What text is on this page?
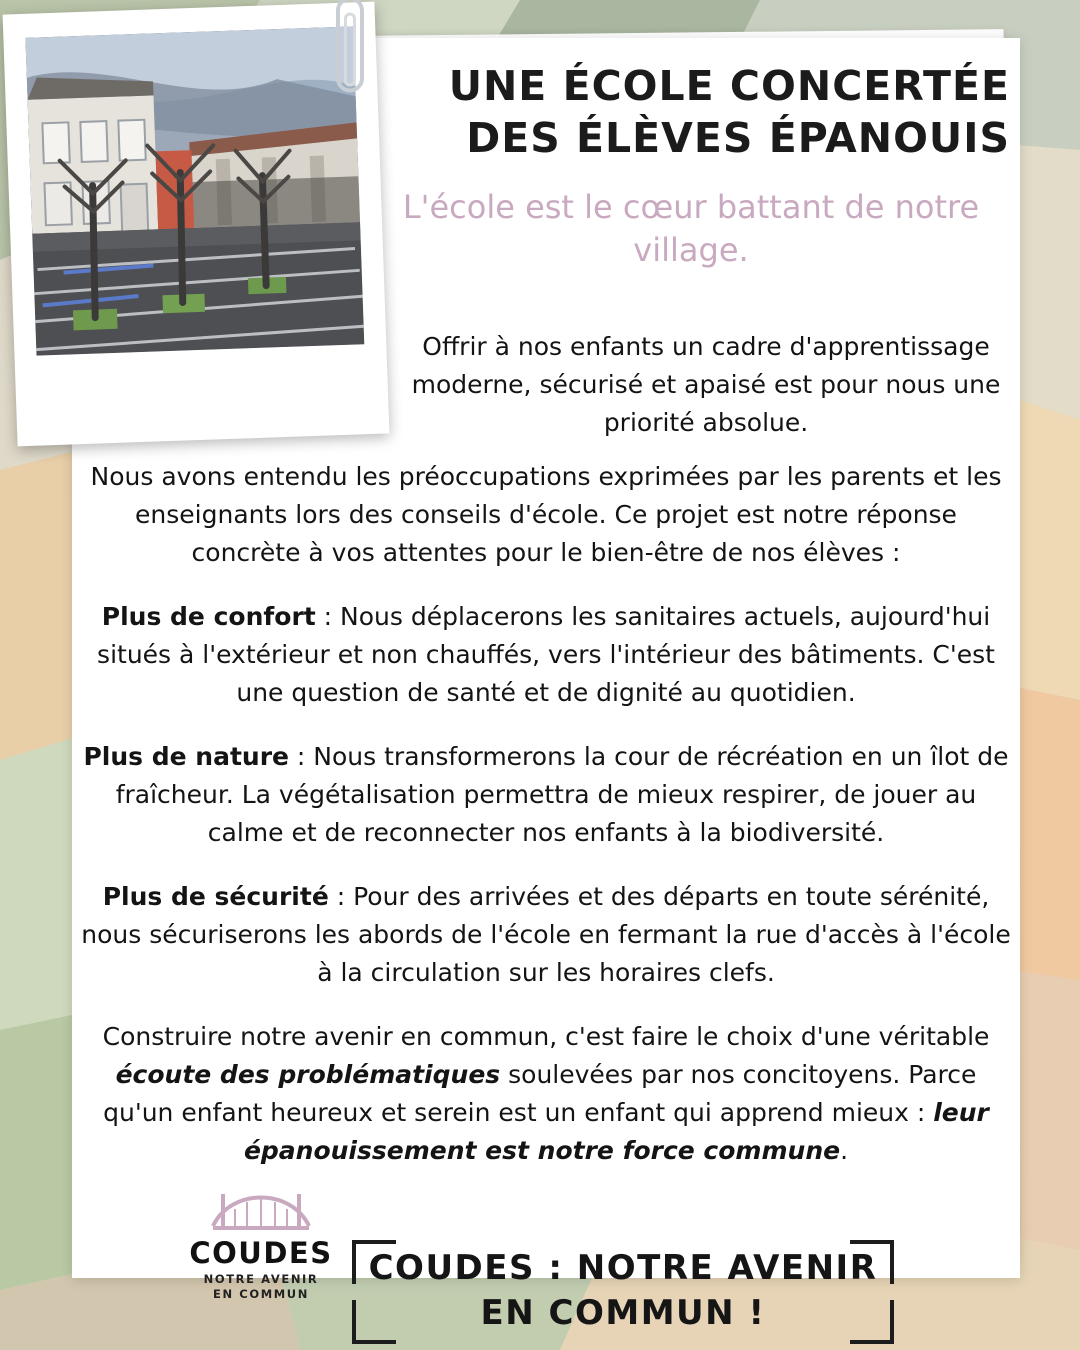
UNE ÉCOLE CONCERTÉE
DES ÉLÈVES ÉPANOUIS
L'école est le cœur battant de notre village.
Offrir à nos enfants un cadre d'apprentissage moderne, sécurisé et apaisé est pour nous une priorité absolue.

Nous avons entendu les préoccupations exprimées par les parents et les enseignants lors des conseils d'école. Ce projet est notre réponse concrète à vos attentes pour le bien-être de nos élèves :

Plus de confort : Nous déplacerons les sanitaires actuels, aujourd'hui situés à l'extérieur et non chauffés, vers l'intérieur des bâtiments. C'est une question de santé et de dignité au quotidien.

Plus de nature : Nous transformerons la cour de récréation en un îlot de fraîcheur. La végétalisation permettra de mieux respirer, de jouer au calme et de reconnecter nos enfants à la biodiversité.

Plus de sécurité : Pour des arrivées et des départs en toute sérénité, nous sécuriserons les abords de l'école en fermant la rue d'accès à l'école à la circulation sur les horaires clefs.

Construire notre avenir en commun, c'est faire le choix d'une véritable écoute des problématiques soulevées par nos concitoyens. Parce qu'un enfant heureux et serein est un enfant qui apprend mieux : leur épanouissement est notre force commune.

COUDES
NOTRE AVENIR
EN COMMUN
COUDES : NOTRE AVENIR
EN COMMUN !
